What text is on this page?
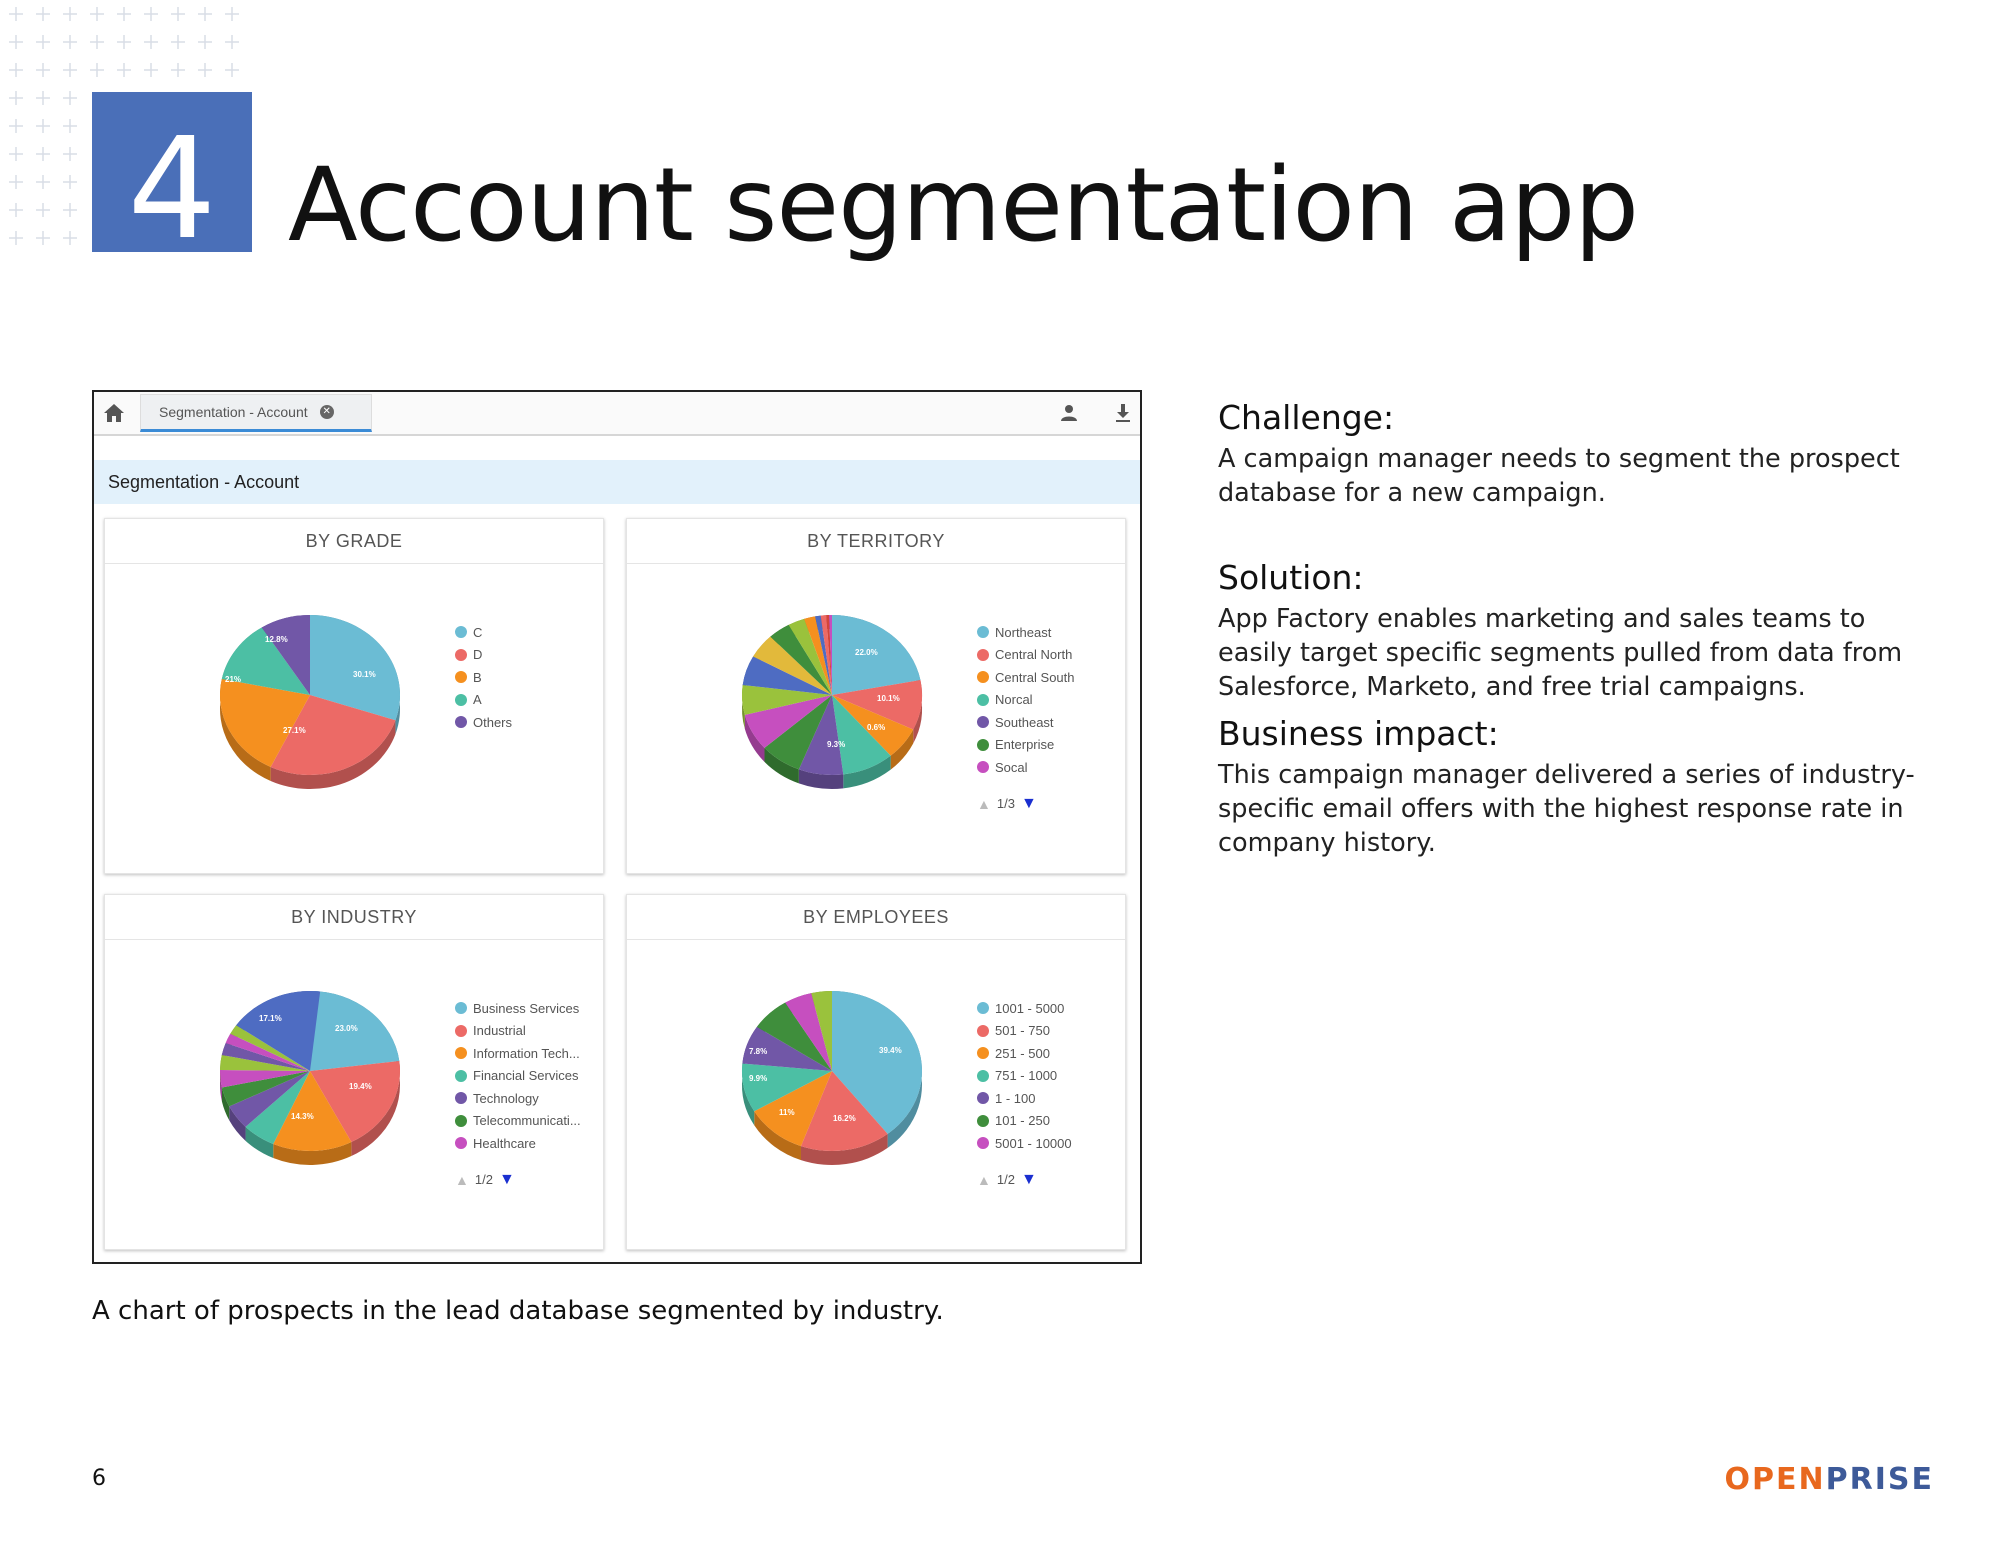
4 Account segmentation app
Segmentation - Account ✕
Segmentation - Account
BY GRADE
30.1%
27.1%
21%
12.8%	C
D
B
A
Others
BY TERRITORY
22.0%
10.1%
0.6%
9.3%
Northeast
Central North
Central South
Norcal
Southeast
Enterprise
Socal
▲ 1/3 ▼
BY INDUSTRY
23.0%
19.4%
14.3%
17.1%
Business Services
Industrial
Information Tech...
Financial Services
Technology
Telecommunicati...
Healthcare
▲ 1/2 ▼
BY EMPLOYEES
39.4%
16.2%
11%
9.9%
7.8%
1001 - 5000
501 - 750
251 - 500
751 - 1000
1 - 100
101 - 250
5001 - 10000
▲ 1/2 ▼

A chart of prospects in the lead database segmented by industry.

Challenge:

A campaign manager needs to segment the prospect database for a new campaign.

Solution:

App Factory enables marketing and sales teams to easily target specific segments pulled from data from Salesforce, Marketo, and free trial campaigns.

Business impact:

This campaign manager delivered a series of industry-specific email offers with the highest response rate in company history.

6	OPENPRISE
